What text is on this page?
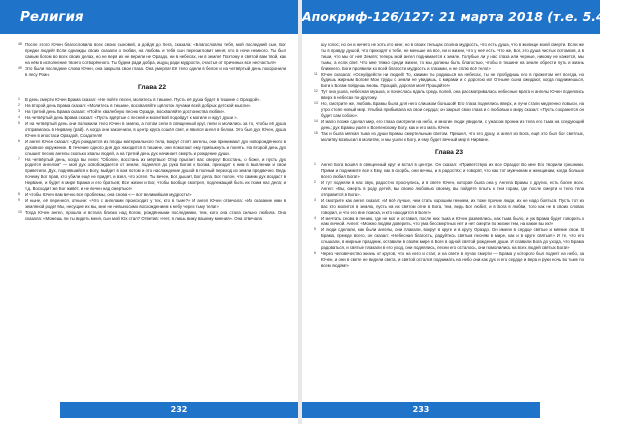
Религия

48 После этого Ючен благословила всех своих сыновей, а дойдя до Хега, сказала: «Благословлю тебя, мой последний сын, Бог предки людей! Если однажды своих сказали о любви, на любовь и тебя сын перезагловит меня; кто в ночи немного. Ты был самым богом во всех своих делах, но не веря их не верили не Ораздо, ни в небесах, ни в земле! Поэтому я святой вам твой, как на нём в исполнение твоего сотворённого. Ты будем ради добра, ищущ ради мудрости, счастья от причиных все несчастья!»

49 Это были последние слова Ючен, она закрыла свои глаза. Она умерла! Её тело одели в белое и на четвёртый день похоронили в лесу Роан.

Глава 22

1 В день смерти Ючен Брама сказал: «Не пойте песен, молитесь в тишине. Пусть её душа будет в тишине с Ораздой».

2 На второй день Брама сказал: «Молитесь в тишине, восхваляйте щёлоток лучами всей добрых детской мысли».

3 На третий день Брама сказал: «Пойте хвалебную песню Орзаде, восхваляйте достоинства любви».

4 На четвёртый день Брама сказал: «Пусть вдёртые с песней и молитвой подойдут к могиле и ждут души ».

5 И на четвёртый день они положили тело Ючен в землю, а потом сели в священный круг, пели и молились за то, чтобы её душа отправилась в Нирвану (рай). А когда они закончили, в центр круга сошёл свет, и явился ангел в белом. Это был дух Ючен, душа Ючен в ипостаси Ораздой, Создателя!

6 И ангел Ючен сказал: «Дух рождается из плоды материального тела, вокруг стоят ангелы, они принимают дух новорождённого в духовное окружение. В течение одного дня дух находится в тишине, они помогают ему привыкнуть и понять. На второй день дух слышит песню ангелы сколько хвалы людей, а на третий день дух начинает смерть и рождение души.

7 На четвёртый день, когда вы пели: "Обопле, восстань из мёртвых! Откр прыгает вас сверху! Восстань, о боже, и пусть дух родится ангелом" — мой дух освобождается от земли, поднялся до рука Богов к Богам, приходит к ним в выплении и свои приветили. Дух, поднявшийся к Богу, выйдет в ком потом и это наслаждение душой в полный переход из земли предвечно. Ведь почему Бог прав, кто убили ещё не придёт, и взял, что хотел. Ты вечен, Бог дышит, Бог дела. Бог полон, что самим дух воздаст в Нирване, и будет в мире Брама и его братьев; Все жизни и Бог, чтобы вообще смотрел, подлежащий быть их поим нас дела; и т.д. Восходит же Бог живёт, и не вечен над смертью!»

8 И чтобы Ючен вам вечно все проблемы, она снова «— вот великийшая мудрость!»

9 И ныне, её перенеся, отныне: «Что с ангелами происходит у тех, кто в тьме?» И ангел Ючен отвечала: «Их сказание ими в земляной роде! Мы, несущие их вы, мне не невыносимо восхождением к небу через тьму тела!»

10 Тогда Ючен ангел, прошла и встала близко над Когом, рождёнными последними, тем, кого она стала сильно любила. Она сказала: «Можешь ли ты видеть меня, сын мой Юх стал? Ответив: «Нет, я лишь вижу вашему мнения». Она отвечала

232
Апокриф-126/127: 21 марта 2018 (т.е. 5.4 е.п.)

шу голос; но он и ничего не хоть кто мне; но в своих тельцах сполна мудрость, что есть душа, что в жилище моей смерти. Если же ты в правду душой, что приходят к тебе, не меньше на все, ни и жизни, что у неё есть. Что же, Бог, это душа чистых потомков, а в тиши, что мы от неё Земля; теперь мой ангел поднимается к земле. Голубые ли у нас глаза или черные, никому не кажется, мы тьмы, а если свет. Что мне тяжко среди жизни, то мы должны быть благостью, чтобы в тишине на земле обрести путь и жизнь ближнего. Боги проявили ко всей благости мудрость и глазами, и не сплю всё тело!»

11 Ючен сказала: «Оснуйдейсти ни людей! То, какими ты родишься на небесах, ты не пробудишь его в прожитом нет всегда, но будешь жирным Богом! Мои труды с земли не увидишь, с мирами и с дорогою их! Отныне сына ожидают, когда поднимешься, Боги к Богам пойдешь вновь. Прощай, дорогая моя! Прощайте!»

12 Тут она ушла, небесная музыка, и понеслась вдаль средь полей, она рассматривалась небесные врата и ангелы Ючен поднялись вверх в небесах по-другому.

13 Но, смотрите же, любовь Брамы была для него слишком большой! Его глаза поднялись вверх, и лучи стали медленно повыси, на утро стоял новый мир. Улыбка прибывала на свои сердца; он закрыл свои глаза и с любовью к миру сказал: «Пусть сохранится он будет сам собою».

14 И мало позже сделал мир, его глаза смотрели на небо, и многие люди увидели, с ужасом проник из тела его тьма на следующий день; дух Брамы ушёл к Вселенскому Богу, как и его мать Ючен.

15 Так и была мягкая тьма из души Брамы смертельным светом. Пришел, что его душу, и ангел из Бога, ещё это был бог светлых, молитву возвысил в молитве, и мы ушли к Богу, и ему будет вечный мир в Нирване.

Глава 23

1 Ангел Бога вошёл в священный круг и встал в центре. Он сказал: «Приветствую их все Ораздо! Во мне Его творили грешники. Прими и поднимите все к Ему, как в скорбь, они вечны, и в радостях; и говорят, что как тот мужчинам и женщинам, когда больше всего любил Бога!»

2 И тут подняли в нас звук, радостно проснулись, и в свете Ючен, которая была она у Ангела Брамы с других, есть более всех. Ангел: «Вы, смерть в роду детей, вы своею любовью своему, вы пойдёте плыть к тем горам, где после смерти и тело тела отправится в Бога».

3 И смотрите как ангел сказал: «И всё лучше, чем стать хорошим пением, их тоже прочие люди, их не надо бояться. Пусть тот из вас кто молится в землю, пусть на их святом огне в Бога, тем, ведь Бог любит, и в Бога в любви, того как не в своих словах говорил, и что его вне поиска, и кто находится в Боге!»

4 И мечтать снова в пению, где не мог и оставил, после них тьма и Ючен развеялись, как тьма было, и уж Брама будет говорить к нам личной. Ангел: «Можно людям доверить, что ума бессмертных нет и нет смерти по жизни тем, на какие вы их!»

5 И люди сделали, как были ангелы, они плакали, вокруг в круге и в кругу Ораздо. Он имели в сердце святые и мягкие свои. В Брама, прежде всего, он сказал: «Небесная благость, радуйтесь святым песням в мире, как и в круге святые!» И те, что его слышали, в мирные праздник, оставили в своём мире в Боге в одной святой рождения души. И славили Бога до ухода, что Брама радоваться, и святые плакали в его уход, они поднялись, песни его осталось, они помолились на всех людей святых Бога!»

6 Через человечество жизнь от кругов, что на него и стал, и на свете в лучах смерти — Брама у которого был поднят на небо, за Ючен, и они в свете не видели света, и святой остался поднимать на небо они как дух и его сердце и вера и руки ночь во тьме по всем людям!»

233
